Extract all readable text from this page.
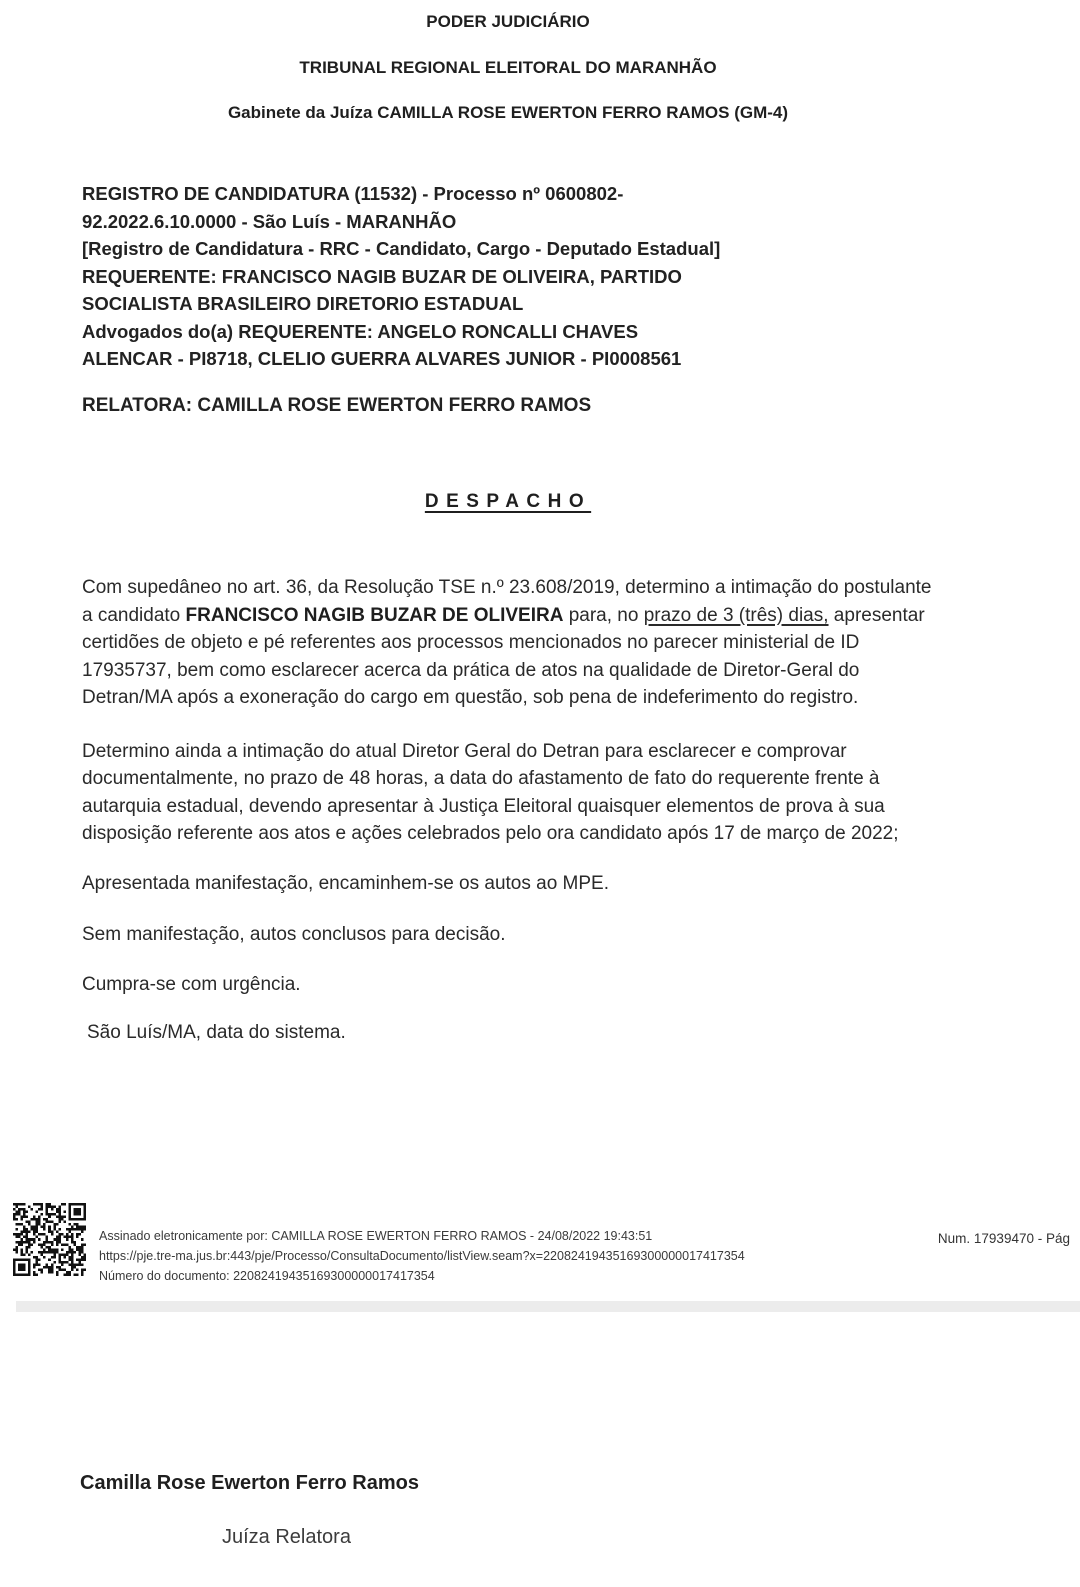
PODER JUDICIÁRIO
TRIBUNAL REGIONAL ELEITORAL DO MARANHÃO
Gabinete da Juíza CAMILLA ROSE EWERTON FERRO RAMOS (GM-4)
REGISTRO DE CANDIDATURA (11532) - Processo nº 0600802-
92.2022.6.10.0000 - São Luís - MARANHÃO
[Registro de Candidatura - RRC - Candidato, Cargo - Deputado Estadual]
REQUERENTE: FRANCISCO NAGIB BUZAR DE OLIVEIRA, PARTIDO
SOCIALISTA BRASILEIRO DIRETORIO ESTADUAL
Advogados do(a) REQUERENTE: ANGELO RONCALLI CHAVES
ALENCAR - PI8718, CLELIO GUERRA ALVARES JUNIOR - PI0008561
RELATORA: CAMILLA ROSE EWERTON FERRO RAMOS
DESPACHO

Com supedâneo no art. 36, da Resolução TSE n.º 23.608/2019, determino a intimação do postulante a candidato FRANCISCO NAGIB BUZAR DE OLIVEIRA para, no prazo de 3 (três) dias, apresentar certidões de objeto e pé referentes aos processos mencionados no parecer ministerial de ID 17935737, bem como esclarecer acerca da prática de atos na qualidade de Diretor-Geral do Detran/MA após a exoneração do cargo em questão, sob pena de indeferimento do registro.

Determino ainda a intimação do atual Diretor Geral do Detran para esclarecer e comprovar documentalmente, no prazo de 48 horas, a data do afastamento de fato do requerente frente à autarquia estadual, devendo apresentar à Justiça Eleitoral quaisquer elementos de prova à sua disposição referente aos atos e ações celebrados pelo ora candidato após 17 de março de 2022;

Apresentada manifestação, encaminhem-se os autos ao MPE.

Sem manifestação, autos conclusos para decisão.

Cumpra-se com urgência.

São Luís/MA, data do sistema.

Assinado eletronicamente por: CAMILLA ROSE EWERTON FERRO RAMOS - 24/08/2022 19:43:51
https://pje.tre-ma.jus.br:443/pje/Processo/ConsultaDocumento/listView.seam?x=22082419435169300000017417354
Número do documento: 22082419435169300000017417354
Num. 17939470 - Pág
Camilla Rose Ewerton Ferro Ramos
Juíza Relatora
